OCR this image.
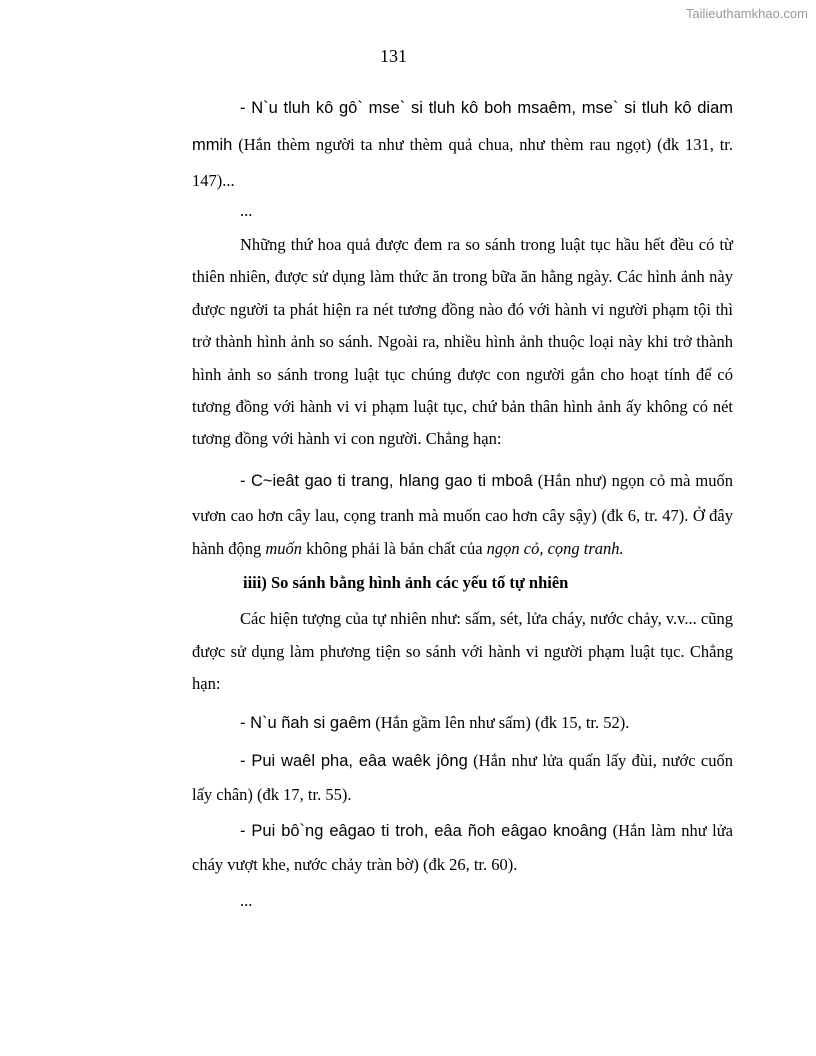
Tailieuthamkhao.com
131

- N`u tluh kô gô` mse` si tluh kô boh msaêm, mse` si tluh kô diam mmih (Hắn thèm người ta như thèm quả chua, như thèm rau ngọt) (đk 131, tr. 147)...

...

Những thứ hoa quả được đem ra so sánh trong luật tục hầu hết đều có từ thiên nhiên, được sử dụng làm thức ăn trong bữa ăn hằng ngày. Các hình ảnh này được người ta phát hiện ra nét tương đồng nào đó với hành vi người phạm tội thì trở thành hình ảnh so sánh. Ngoài ra, nhiều hình ảnh thuộc loại này khi trở thành hình ảnh so sánh trong luật tục chúng được con người gắn cho hoạt tính để có tương đồng với hành vi vi phạm luật tục, chứ bản thân hình ảnh ấy không có nét tương đồng với hành vi con người. Chẳng hạn:

- C~ieât gao ti trang, hlang gao ti mboâ (Hắn như) ngọn cỏ mà muốn vươn cao hơn cây lau, cọng tranh mà muốn cao hơn cây sậy) (đk 6, tr. 47). Ở đây hành động muốn không phải là bản chất của ngọn cỏ, cọng tranh.

iiii) So sánh bằng hình ảnh các yếu tố tự nhiên

Các hiện tượng của tự nhiên như: sấm, sét, lửa cháy, nước chảy, v.v... cũng được sử dụng làm phương tiện so sánh với hành vi người phạm luật tục. Chẳng hạn:

- N`u ñah si gaêm (Hắn gầm lên như sấm) (đk 15, tr. 52).

- Pui waêl pha, eâa waêk jông (Hắn như lửa quấn lấy đùi, nước cuốn lấy chân) (đk 17, tr. 55).

- Pui bô`ng eâgao ti troh, eâa ñoh eâgao knoâng (Hắn làm như lửa cháy vượt khe, nước chảy tràn bờ) (đk 26, tr. 60).

...
